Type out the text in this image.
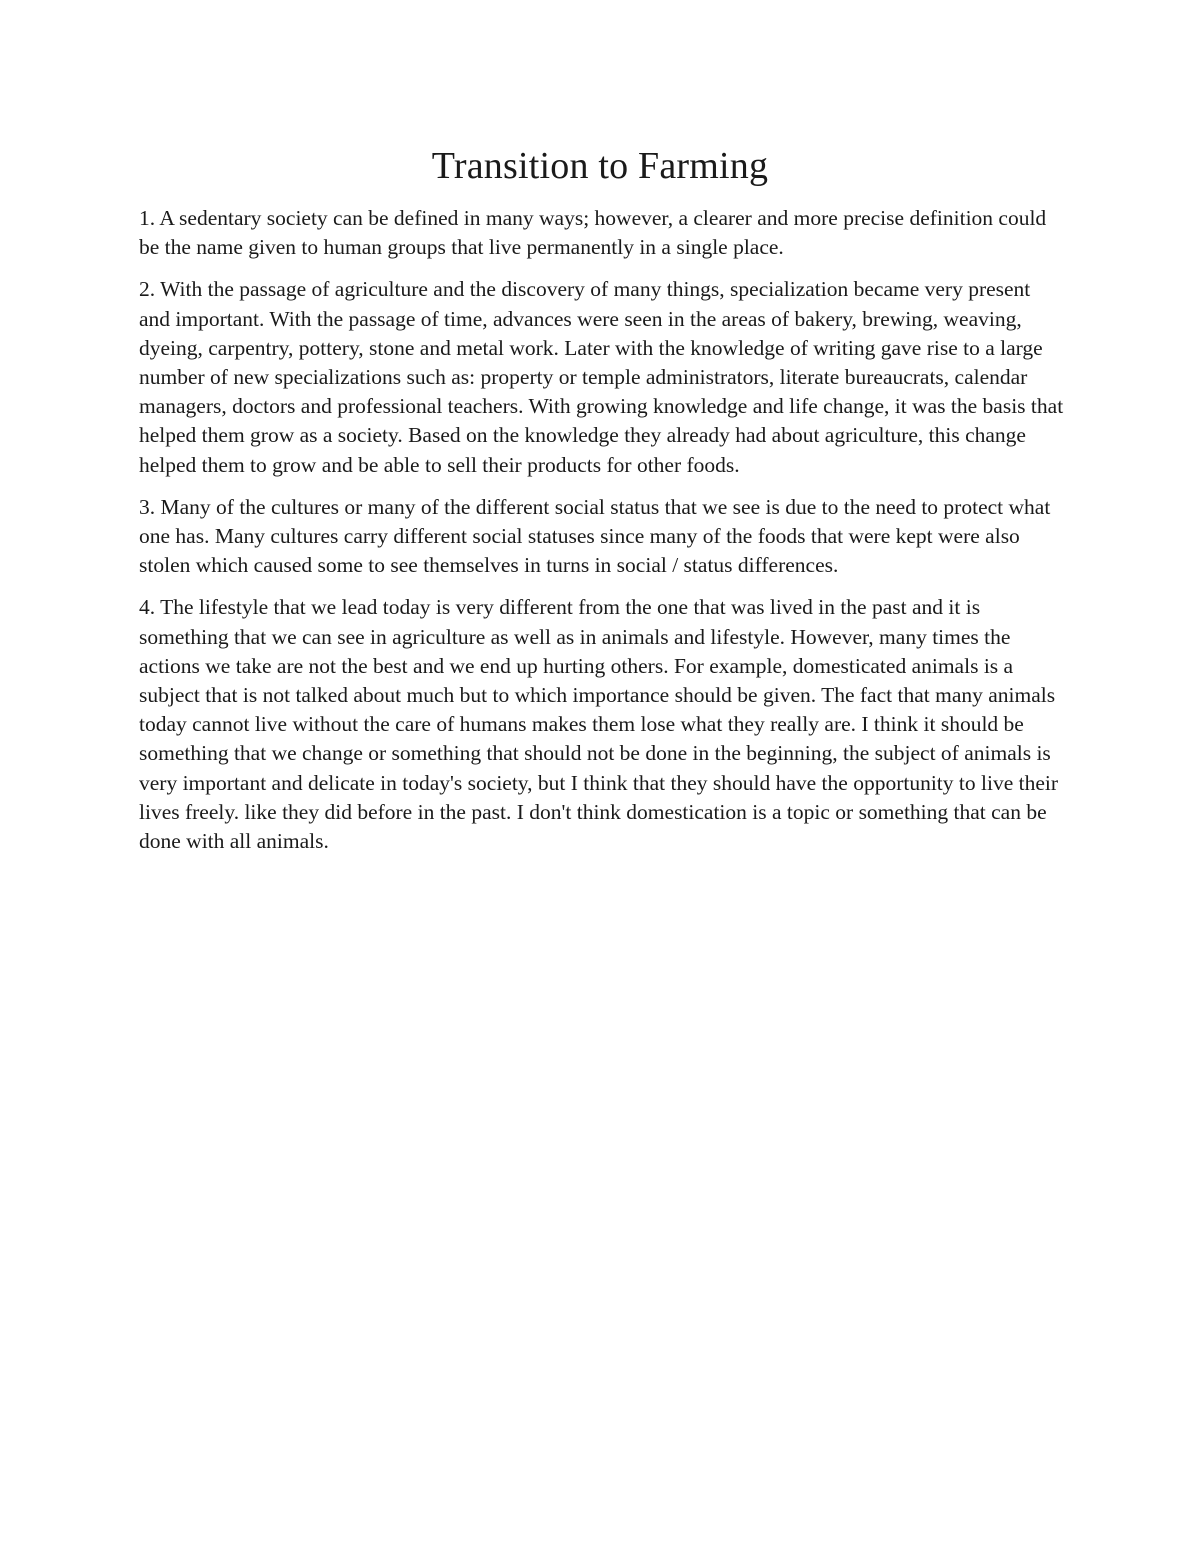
Transition to Farming

1. A sedentary society can be defined in many ways; however, a clearer and more precise definition could be the name given to human groups that live permanently in a single place.

2. With the passage of agriculture and the discovery of many things, specialization became very present and important. With the passage of time, advances were seen in the areas of bakery, brewing, weaving, dyeing, carpentry, pottery, stone and metal work. Later with the knowledge of writing gave rise to a large number of new specializations such as: property or temple administrators, literate bureaucrats, calendar managers, doctors and professional teachers. With growing knowledge and life change, it was the basis that helped them grow as a society. Based on the knowledge they already had about agriculture, this change helped them to grow and be able to sell their products for other foods.

3. Many of the cultures or many of the different social status that we see is due to the need to protect what one has. Many cultures carry different social statuses since many of the foods that were kept were also stolen which caused some to see themselves in turns in social / status differences.

4. The lifestyle that we lead today is very different from the one that was lived in the past and it is something that we can see in agriculture as well as in animals and lifestyle. However, many times the actions we take are not the best and we end up hurting others. For example, domesticated animals is a subject that is not talked about much but to which importance should be given. The fact that many animals today cannot live without the care of humans makes them lose what they really are. I think it should be something that we change or something that should not be done in the beginning, the subject of animals is very important and delicate in today's society, but I think that they should have the opportunity to live their lives freely. like they did before in the past. I don't think domestication is a topic or something that can be done with all animals.
